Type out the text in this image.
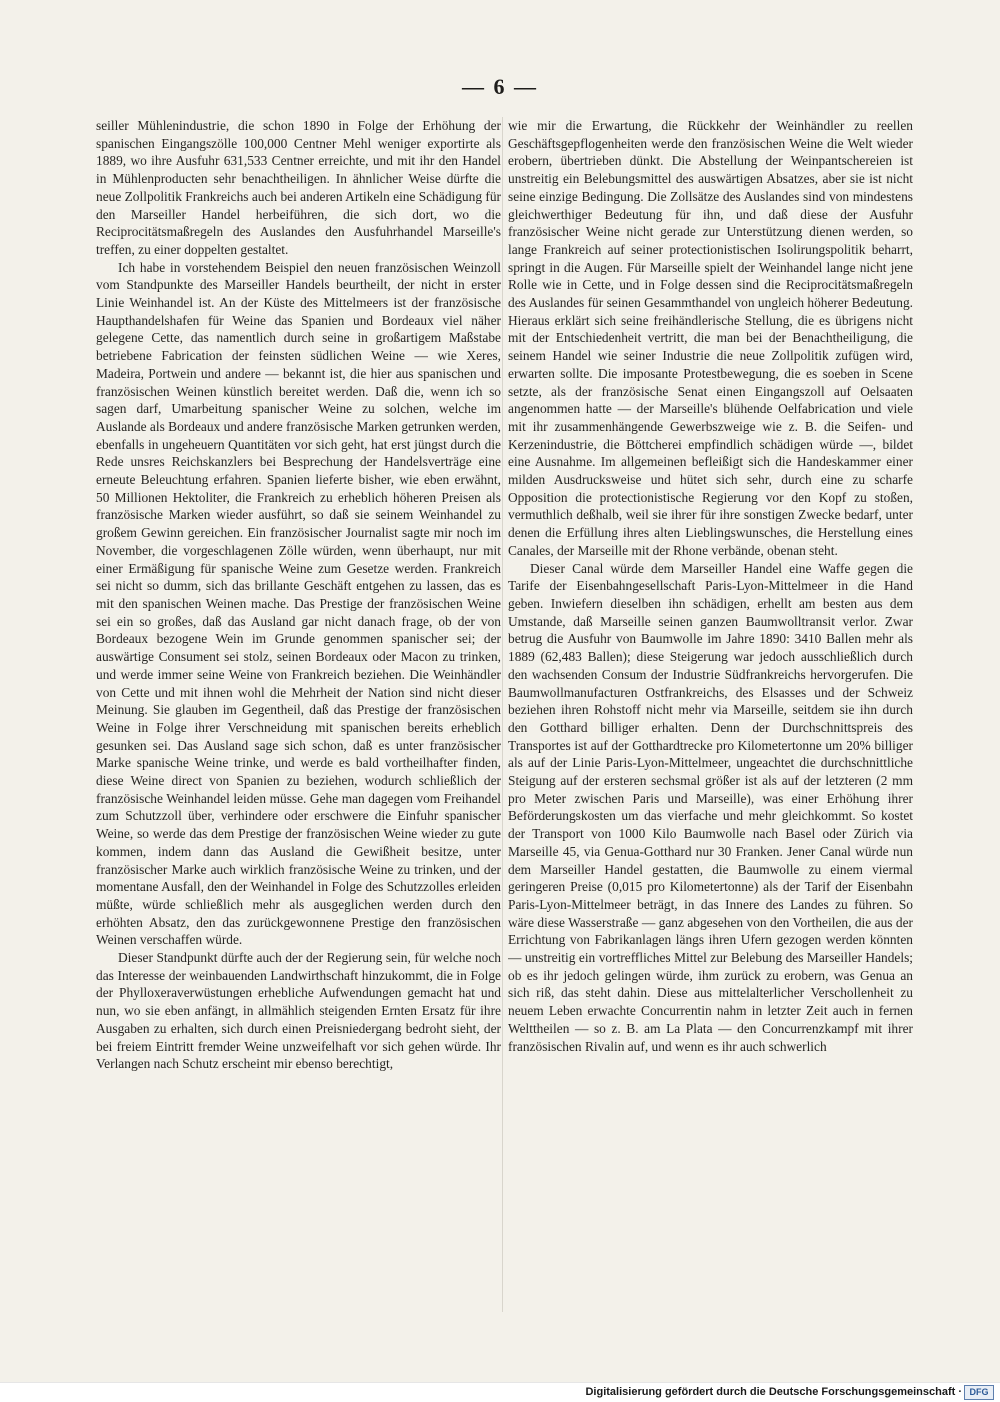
— 6 —

seiller Mühlenindustrie, die schon 1890 in Folge der Erhöhung der spanischen Eingangszölle 100,000 Centner Mehl weniger exportirte als 1889, wo ihre Ausfuhr 631,533 Centner erreichte, und mit ihr den Handel in Mühlenproducten sehr benachtheiligen. In ähnlicher Weise dürfte die neue Zollpolitik Frankreichs auch bei anderen Artikeln eine Schädigung für den Marseiller Handel herbeiführen, die sich dort, wo die Reciprocitätsmaßregeln des Auslandes den Ausfuhrhandel Marseille's treffen, zu einer doppelten gestaltet.

Ich habe in vorstehendem Beispiel den neuen französischen Weinzoll vom Standpunkte des Marseiller Handels beurtheilt, der nicht in erster Linie Weinhandel ist. An der Küste des Mittelmeers ist der französische Haupthandelshafen für Weine das Spanien und Bordeaux viel näher gelegene Cette, das namentlich durch seine in großartigem Maßstabe betriebene Fabrication der feinsten südlichen Weine — wie Xeres, Madeira, Portwein und andere — bekannt ist, die hier aus spanischen und französischen Weinen künstlich bereitet werden. Daß die, wenn ich so sagen darf, Umarbeitung spanischer Weine zu solchen, welche im Auslande als Bordeaux und andere französische Marken getrunken werden, ebenfalls in ungeheuern Quantitäten vor sich geht, hat erst jüngst durch die Rede unsres Reichskanzlers bei Besprechung der Handelsverträge eine erneute Beleuchtung erfahren. Spanien lieferte bisher, wie eben erwähnt, 50 Millionen Hektoliter, die Frankreich zu erheblich höheren Preisen als französische Marken wieder ausführt, so daß sie seinem Weinhandel zu großem Gewinn gereichen. Ein französischer Journalist sagte mir noch im November, die vorgeschlagenen Zölle würden, wenn überhaupt, nur mit einer Ermäßigung für spanische Weine zum Gesetze werden. Frankreich sei nicht so dumm, sich das brillante Geschäft entgehen zu lassen, das es mit den spanischen Weinen mache. Das Prestige der französischen Weine sei ein so großes, daß das Ausland gar nicht danach frage, ob der von Bordeaux bezogene Wein im Grunde genommen spanischer sei; der auswärtige Consument sei stolz, seinen Bordeaux oder Macon zu trinken, und werde immer seine Weine von Frankreich beziehen. Die Weinhändler von Cette und mit ihnen wohl die Mehrheit der Nation sind nicht dieser Meinung. Sie glauben im Gegentheil, daß das Prestige der französischen Weine in Folge ihrer Verschneidung mit spanischen bereits erheblich gesunken sei. Das Ausland sage sich schon, daß es unter französischer Marke spanische Weine trinke, und werde es bald vortheilhafter finden, diese Weine direct von Spanien zu beziehen, wodurch schließlich der französische Weinhandel leiden müsse. Gehe man dagegen vom Freihandel zum Schutzzoll über, verhindere oder erschwere die Einfuhr spanischer Weine, so werde das dem Prestige der französischen Weine wieder zu gute kommen, indem dann das Ausland die Gewißheit besitze, unter französischer Marke auch wirklich französische Weine zu trinken, und der momentane Ausfall, den der Weinhandel in Folge des Schutzzolles erleiden müßte, würde schließlich mehr als ausgeglichen werden durch den erhöhten Absatz, den das zurückgewonnene Prestige den französischen Weinen verschaffen würde.

Dieser Standpunkt dürfte auch der der Regierung sein, für welche noch das Interesse der weinbauenden Landwirthschaft hinzukommt, die in Folge der Phylloxeraverwüstungen erhebliche Aufwendungen gemacht hat und nun, wo sie eben anfängt, in allmählich steigenden Ernten Ersatz für ihre Ausgaben zu erhalten, sich durch einen Preisniedergang bedroht sieht, der bei freiem Eintritt fremder Weine unzweifelhaft vor sich gehen würde. Ihr Verlangen nach Schutz erscheint mir ebenso berechtigt,

wie mir die Erwartung, die Rückkehr der Weinhändler zu reellen Geschäftsgepflogenheiten werde den französischen Weine die Welt wieder erobern, übertrieben dünkt. Die Abstellung der Weinpantschereien ist unstreitig ein Belebungsmittel des auswärtigen Absatzes, aber sie ist nicht seine einzige Bedingung. Die Zollsätze des Auslandes sind von mindestens gleichwerthiger Bedeutung für ihn, und daß diese der Ausfuhr französischer Weine nicht gerade zur Unterstützung dienen werden, so lange Frankreich auf seiner protectionistischen Isolirungspolitik beharrt, springt in die Augen. Für Marseille spielt der Weinhandel lange nicht jene Rolle wie in Cette, und in Folge dessen sind die Reciprocitätsmaßregeln des Auslandes für seinen Gesammthandel von ungleich höherer Bedeutung. Hieraus erklärt sich seine freihändlerische Stellung, die es übrigens nicht mit der Entschiedenheit vertritt, die man bei der Benachtheiligung, die seinem Handel wie seiner Industrie die neue Zollpolitik zufügen wird, erwarten sollte. Die imposante Protestbewegung, die es soeben in Scene setzte, als der französische Senat einen Eingangszoll auf Oelsaaten angenommen hatte — der Marseille's blühende Oelfabrication und viele mit ihr zusammenhängende Gewerbszweige wie z. B. die Seifen- und Kerzenindustrie, die Böttcherei empfindlich schädigen würde —, bildet eine Ausnahme. Im allgemeinen befleißigt sich die Handeskammer einer milden Ausdrucksweise und hütet sich sehr, durch eine zu scharfe Opposition die protectionistische Regierung vor den Kopf zu stoßen, vermuthlich deßhalb, weil sie ihrer für ihre sonstigen Zwecke bedarf, unter denen die Erfüllung ihres alten Lieblingswunsches, die Herstellung eines Canales, der Marseille mit der Rhone verbände, obenan steht.

Dieser Canal würde dem Marseiller Handel eine Waffe gegen die Tarife der Eisenbahngesellschaft Paris-Lyon-Mittelmeer in die Hand geben. Inwiefern dieselben ihn schädigen, erhellt am besten aus dem Umstande, daß Marseille seinen ganzen Baumwolltransit verlor. Zwar betrug die Ausfuhr von Baumwolle im Jahre 1890: 3410 Ballen mehr als 1889 (62,483 Ballen); diese Steigerung war jedoch ausschließlich durch den wachsenden Consum der Industrie Südfrankreichs hervorgerufen. Die Baumwollmanufacturen Ostfrankreichs, des Elsasses und der Schweiz beziehen ihren Rohstoff nicht mehr via Marseille, seitdem sie ihn durch den Gotthard billiger erhalten. Denn der Durchschnittspreis des Transportes ist auf der Gotthardtrecke pro Kilometertonne um 20% billiger als auf der Linie Paris-Lyon-Mittelmeer, ungeachtet die durchschnittliche Steigung auf der ersteren sechsmal größer ist als auf der letzteren (2 mm pro Meter zwischen Paris und Marseille), was einer Erhöhung ihrer Beförderungskosten um das vierfache und mehr gleichkommt. So kostet der Transport von 1000 Kilo Baumwolle nach Basel oder Zürich via Marseille 45, via Genua-Gotthard nur 30 Franken. Jener Canal würde nun dem Marseiller Handel gestatten, die Baumwolle zu einem viermal geringeren Preise (0,015 pro Kilometertonne) als der Tarif der Eisenbahn Paris-Lyon-Mittelmeer beträgt, in das Innere des Landes zu führen. So wäre diese Wasserstraße — ganz abgesehen von den Vortheilen, die aus der Errichtung von Fabrikanlagen längs ihren Ufern gezogen werden könnten — unstreitig ein vortreffliches Mittel zur Belebung des Marseiller Handels; ob es ihr jedoch gelingen würde, ihm zurück zu erobern, was Genua an sich riß, das steht dahin. Diese aus mittelalterlicher Verschollenheit zu neuem Leben erwachte Concurrentin nahm in letzter Zeit auch in fernen Welttheilen — so z. B. am La Plata — den Concurrenzkampf mit ihrer französischen Rivalin auf, und wenn es ihr auch schwerlich

Digitalisierung gefördert durch die Deutsche Forschungsgemeinschaft · DFG
